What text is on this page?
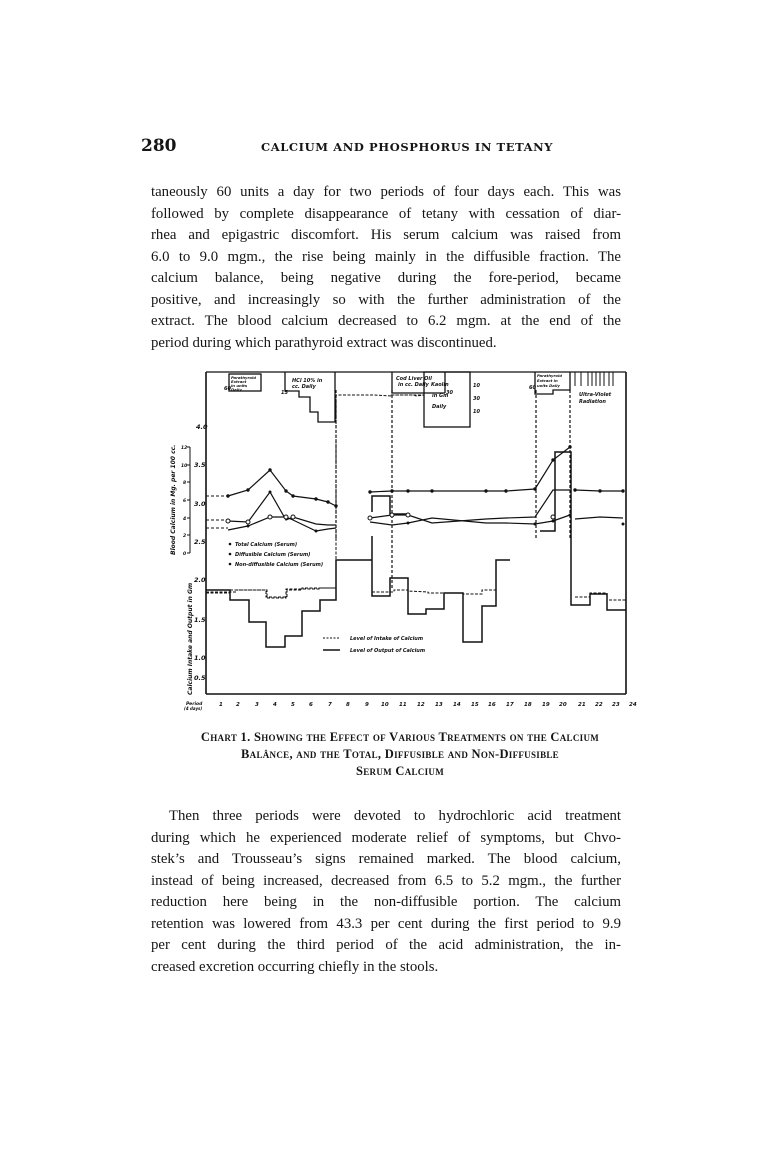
280	CALCIUM AND PHOSPHORUS IN TETANY
taneously 60 units a day for two periods of four days each. This was
followed by complete disappearance of tetany with cessation of diar-
rhea and epigastric discomfort. His serum calcium was raised from
6.0 to 9.0 mgm., the rise being mainly in the diffusible fraction. The
calcium balance, being negative during the fore-period, became
positive, and increasingly so with the further administration of the
extract. The blood calcium decreased to 6.2 mgm. at the end of the
period during which parathyroid extract was discontinued.
Parathyroid
Extract
in units
Daily
60
HCl 10% in
cc. Daily
15
Cod Liver Oil
in cc. Daily
30
Kaolin
in Gm
Daily
10
30
10
Parathyroid
Extract in
units Daily
60
Ultra-Violet
Radiation
4.0
3.5
3.0
2.5
2.0
1.5
1.0
0.5
12
10
8
6
4
2
0
Blood Calcium in Mg. per 100 cc.
Calcium Intake and Output in Gm
Total Calcium (Serum)
Diffusible Calcium (Serum)
Non-diffusible Calcium (Serum)
Level of Intake of Calcium
Level of Output of Calcium
Period
(4 days)
1 2	3	4	5	6	7	8	9 10 11 12 13 14 15 16 17 18 19 20 21 22 23 24
Chart 1. Showing the Effect of Various Treatments on the Calcium
Balânce, and the Total, Diffusible and Non-Diffusible
Serum Calcium
Then three periods were devoted to hydrochloric acid treatment
during which he experienced moderate relief of symptoms, but Chvo-
stek’s and Trousseau’s signs remained marked. The blood calcium,
instead of being increased, decreased from 6.5 to 5.2 mgm., the further
reduction here being in the non-diffusible portion. The calcium
retention was lowered from 43.3 per cent during the first period to 9.9
per cent during the third period of the acid administration, the in-
creased excretion occurring chiefly in the stools.
